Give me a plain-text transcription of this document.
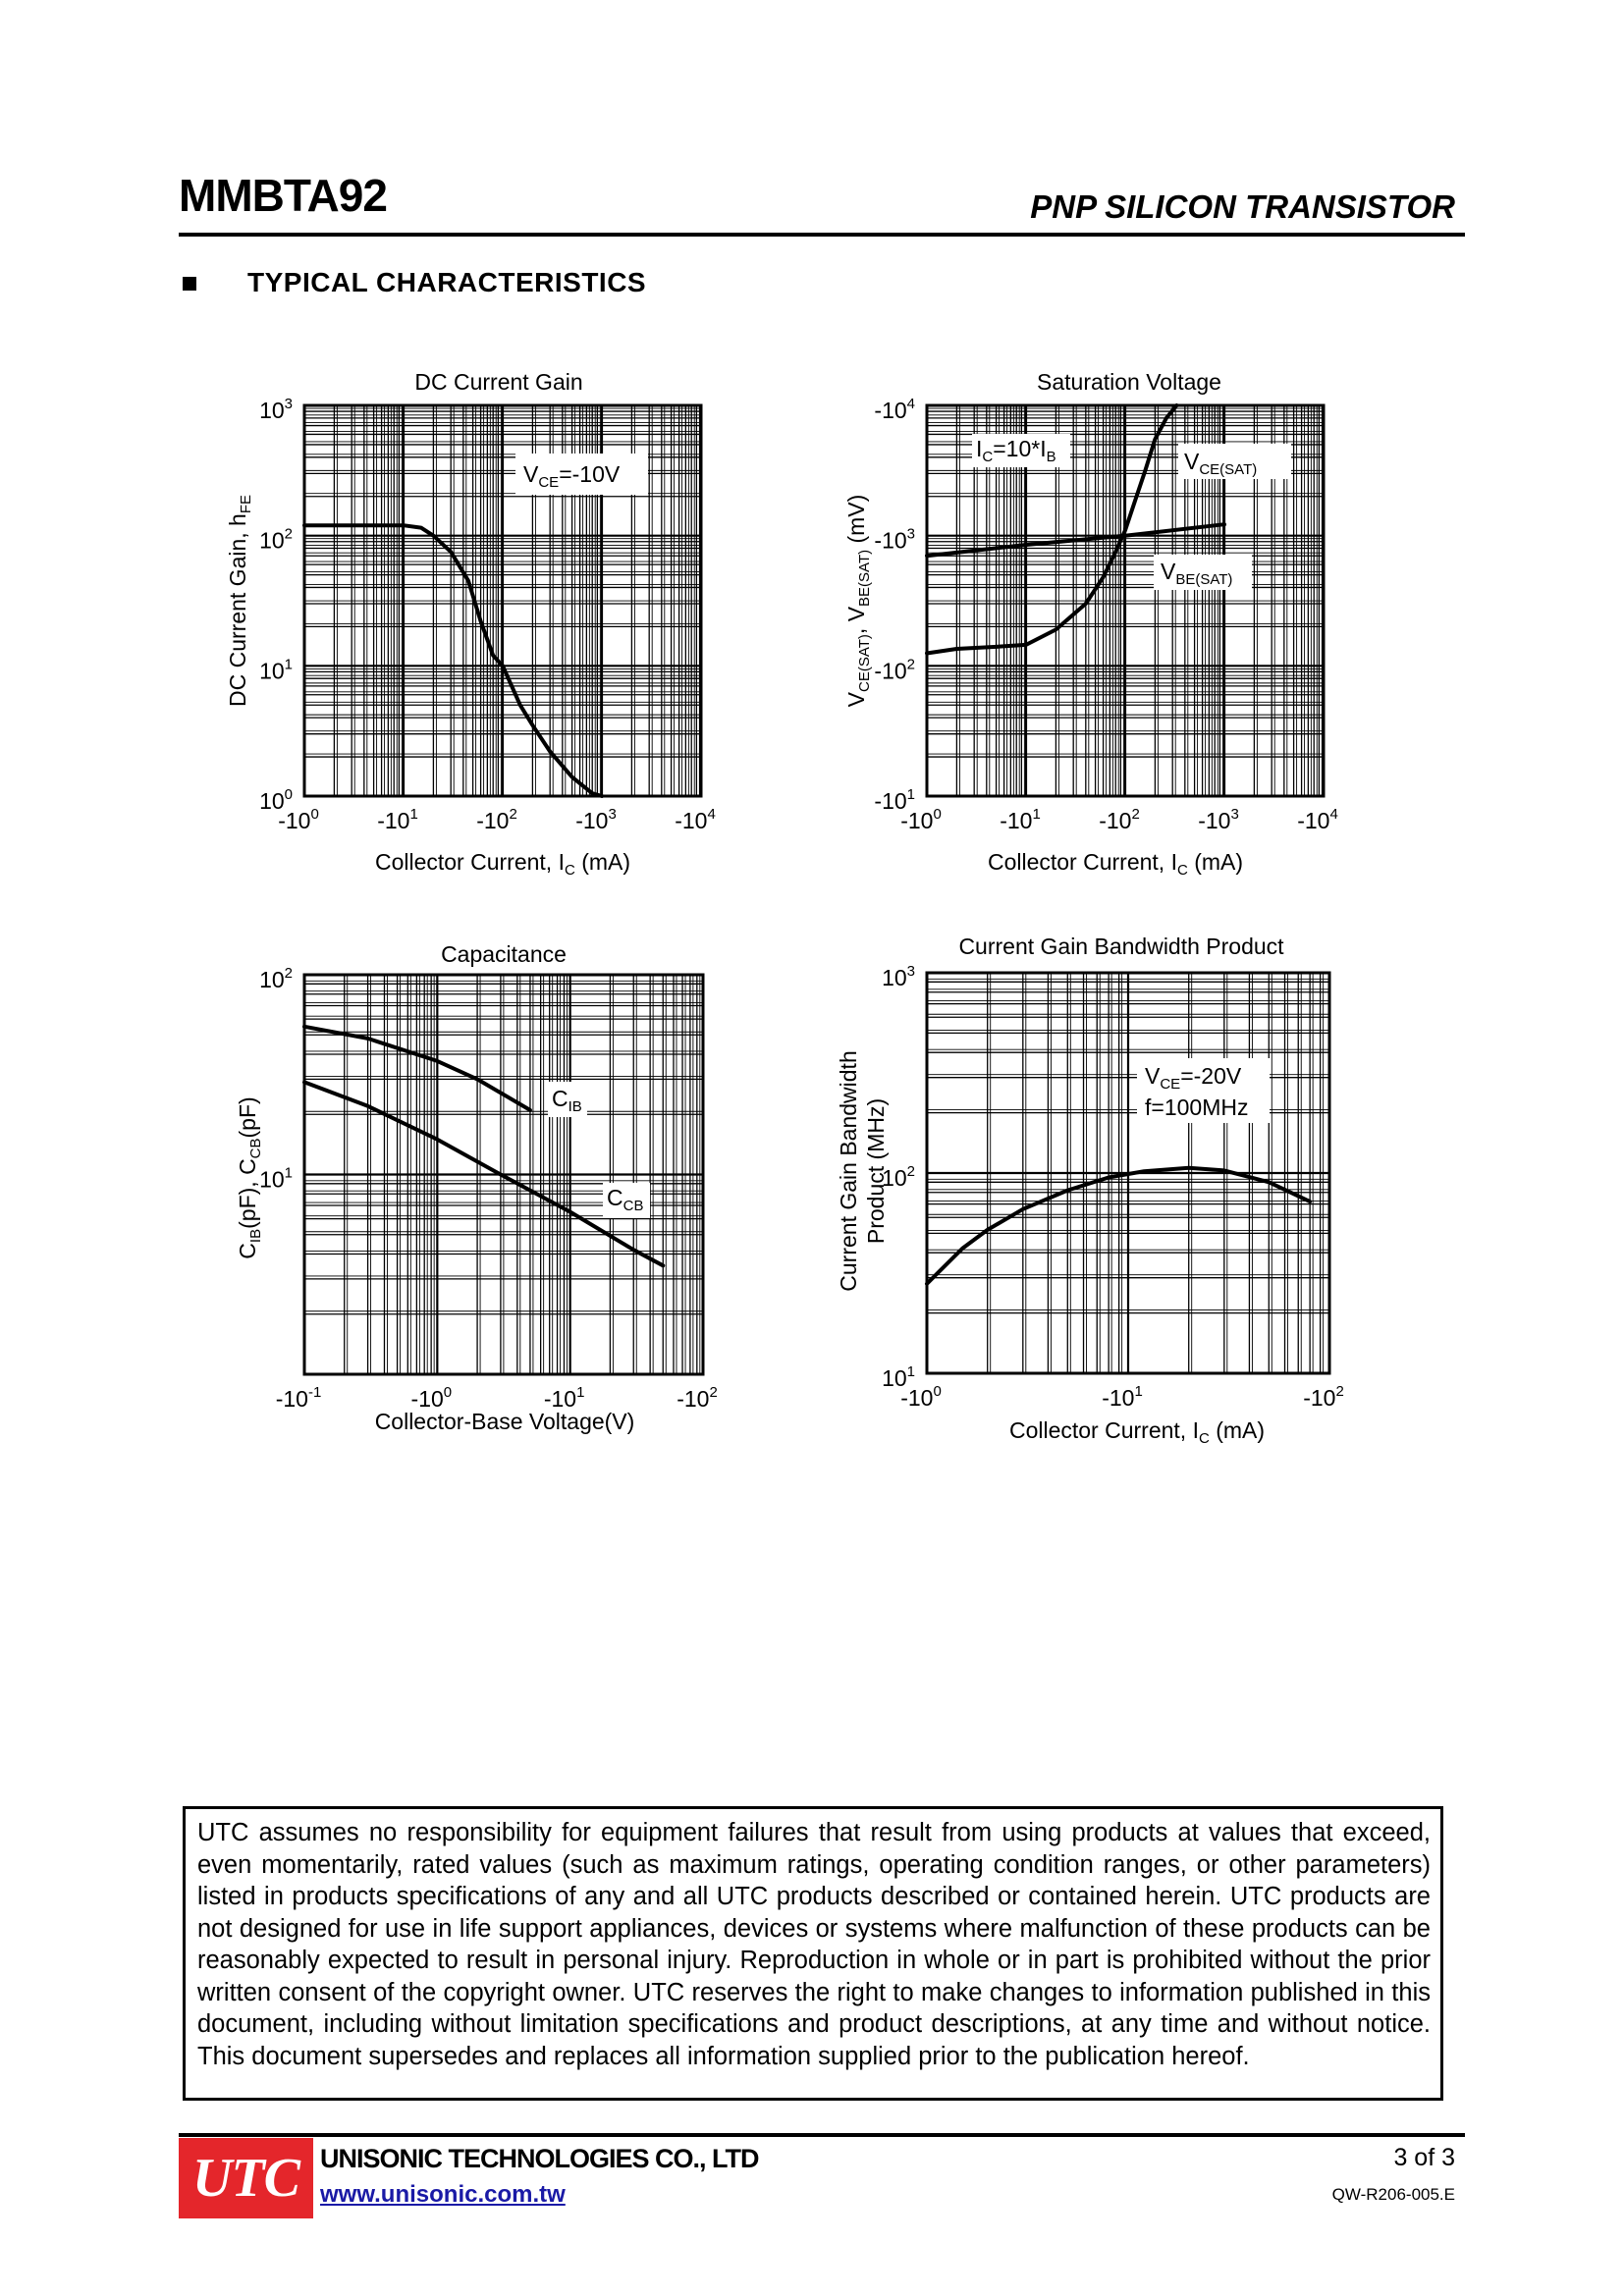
MMBTA92	PNP SILICON TRANSISTOR
TYPICAL CHARACTERISTICS
DC Current Gain
$V_{CE}=-10V$
$10^0$
$10^1$
$10^2$
$10^3$
$-10^0$	$-10^1$	$-10^2$	$-10^3$	$-10^4$
DC Current Gain, $h_{FE}$
Collector Current, $I_C$ (mA)
Saturation Voltage
$I_C=10*I_B$	$V_{CE(SAT)}$
$V_{BE(SAT)}$
$-10^1$
$-10^2$
$-10^3$
$-10^4$
$-10^0$	$-10^1$	$-10^2$	$-10^3$	$-10^4$
$V_{CE(SAT)}$, $V_{BE(SAT)}$ (mV)
Collector Current, $I_C$ (mA)
Capacitance
$C_{IB}$
$C_{CB}$
$10^1$
$10^2$
$-10^{-1}$	$-10^0$	$-10^1$	$-10^2$
$C_{IB}(pF)$, $C_{CB}(pF)$
Collector-Base Voltage(V)
Current Gain Bandwidth Product
$V_{CE}=-20V$
f=100MHz
$10^1$
$10^2$
$10^3$
$-10^0$	$-10^1$	$-10^2$
Current Gain Bandwidth Product (MHz)
Collector Current, $I_C$ (mA)
UTC assumes no responsibility for equipment failures that result from using products at values that exceed, even momentarily, rated values (such as maximum ratings, operating condition ranges, or other parameters) listed in products specifications of any and all UTC products described or contained herein. UTC products are not designed for use in life support appliances, devices or systems where malfunction of these products can be reasonably expected to result in personal injury. Reproduction in whole or in part is prohibited without the prior written consent of the copyright owner. UTC reserves the right to make changes to information published in this document, including without limitation specifications and product descriptions, at any time and without notice. This document supersedes and replaces all information supplied prior to the publication hereof.
UTC UNISONIC TECHNOLOGIES CO., LTD
www.unisonic.com.tw
3 of 3
QW-R206-005.E
